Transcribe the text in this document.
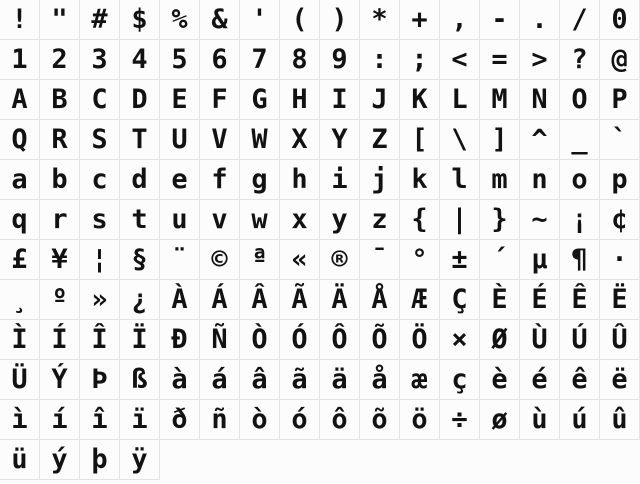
! " # $ % & ' ( ) * + , - . / 0
1 2 3 4 5 6 7 8 9 : ; < = > ? @
A B C D E F G H I J K L M N O P
Q R S T U V W X Y Z [ \ ] ^ _ `
a b c d e f g h i j k l m n o p
q r s t u v w x y z { | } ~ ¡ ¢
£ ¥ ¦ § ¨ © ª « ® ¯ ° ± ´ µ ¶ ·
¸ º » ¿ À Á Â Ã Ä Å Æ Ç È É Ê Ë
Ì Í Î Ï Ð Ñ Ò Ó Ô Õ Ö × Ø Ù Ú Û
Ü Ý Þ ß à á â ã ä å æ ç è é ê ë
ì í î ï ð ñ ò ó ô õ ö ÷ ø ù ú û
ü ý þ ÿ
